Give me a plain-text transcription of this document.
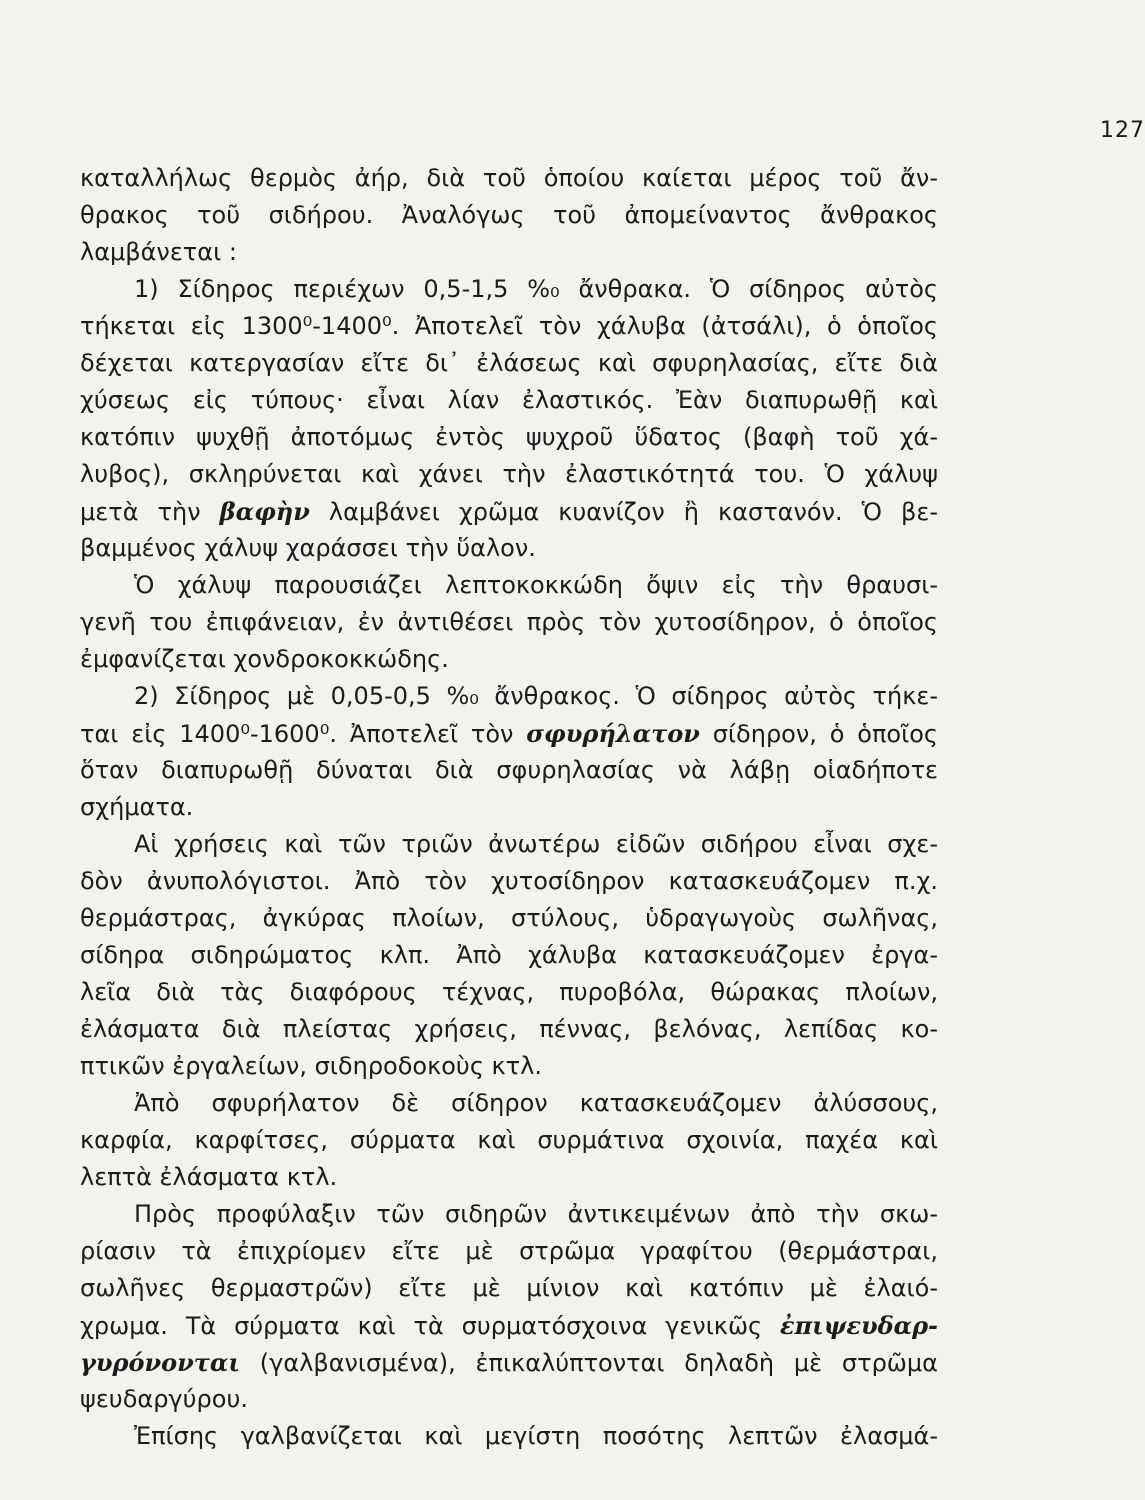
127
καταλλήλως θερμὸς ἀήρ, διὰ τοῦ ὁποίου καίεται μέρος τοῦ ἄν-
θρακος τοῦ σιδήρου. Ἀναλόγως τοῦ ἀπομείναντος ἄνθρακος
λαμβάνεται :
1) Σίδηρος περιέχων 0,5-1,5 %₀ ἄνθρακα. Ὁ σίδηρος αὐτὸς
τήκεται εἰς 1300⁰-1400⁰. Ἀποτελεῖ τὸν χάλυβα (ἀτσάλι), ὁ ὁποῖος
δέχεται κατεργασίαν εἴτε δι᾽ ἐλάσεως καὶ σφυρηλασίας, εἴτε διὰ
χύσεως εἰς τύπους· εἶναι λίαν ἐλαστικός. Ἐὰν διαπυρωθῇ καὶ
κατόπιν ψυχθῇ ἀποτόμως ἐντὸς ψυχροῦ ὕδατος (βαφὴ τοῦ χά-
λυβος), σκληρύνεται καὶ χάνει τὴν ἐλαστικότητά του. Ὁ χάλυψ
μετὰ τὴν βαφὴν λαμβάνει χρῶμα κυανίζον ἢ καστανόν. Ὁ βε-
βαμμένος χάλυψ χαράσσει τὴν ὕαλον.
Ὁ χάλυψ παρουσιάζει λεπτοκοκκώδη ὄψιν εἰς τὴν θραυσι-
γενῆ του ἐπιφάνειαν, ἐν ἀντιθέσει πρὸς τὸν χυτοσίδηρον, ὁ ὁποῖος
ἐμφανίζεται χονδροκοκκώδης.
2) Σίδηρος μὲ 0,05-0,5 %₀ ἄνθρακος. Ὁ σίδηρος αὐτὸς τήκε-
ται εἰς 1400⁰-1600⁰. Ἀποτελεῖ τὸν σφυρήλατον σίδηρον, ὁ ὁποῖος
ὅταν διαπυρωθῇ δύναται διὰ σφυρηλασίας νὰ λάβῃ οἱαδήποτε
σχήματα.
Αἱ χρήσεις καὶ τῶν τριῶν ἀνωτέρω εἰδῶν σιδήρου εἶναι σχε-
δὸν ἀνυπολόγιστοι. Ἀπὸ τὸν χυτοσίδηρον κατασκευάζομεν π.χ.
θερμάστρας, ἀγκύρας πλοίων, στύλους, ὑδραγωγοὺς σωλῆνας,
σίδηρα σιδηρώματος κλπ. Ἀπὸ χάλυβα κατασκευάζομεν ἐργα-
λεῖα διὰ τὰς διαφόρους τέχνας, πυροβόλα, θώρακας πλοίων,
ἐλάσματα διὰ πλείστας χρήσεις, πέννας, βελόνας, λεπίδας κο-
πτικῶν ἐργαλείων, σιδηροδοκοὺς κτλ.
Ἀπὸ σφυρήλατον δὲ σίδηρον κατασκευάζομεν ἀλύσσους,
καρφία, καρφίτσες, σύρματα καὶ συρμάτινα σχοινία, παχέα καὶ
λεπτὰ ἐλάσματα κτλ.
Πρὸς προφύλαξιν τῶν σιδηρῶν ἀντικειμένων ἀπὸ τὴν σκω-
ρίασιν τὰ ἐπιχρίομεν εἴτε μὲ στρῶμα γραφίτου (θερμάστραι,
σωλῆνες θερμαστρῶν) εἴτε μὲ μίνιον καὶ κατόπιν μὲ ἐλαιό-
χρωμα. Τὰ σύρματα καὶ τὰ συρματόσχοινα γενικῶς ἐπιψευδαρ-
γυρόνονται (γαλβανισμένα), ἐπικαλύπτονται δηλαδὴ μὲ στρῶμα
ψευδαργύρου.
Ἐπίσης γαλβανίζεται καὶ μεγίστη ποσότης λεπτῶν ἐλασμά-
